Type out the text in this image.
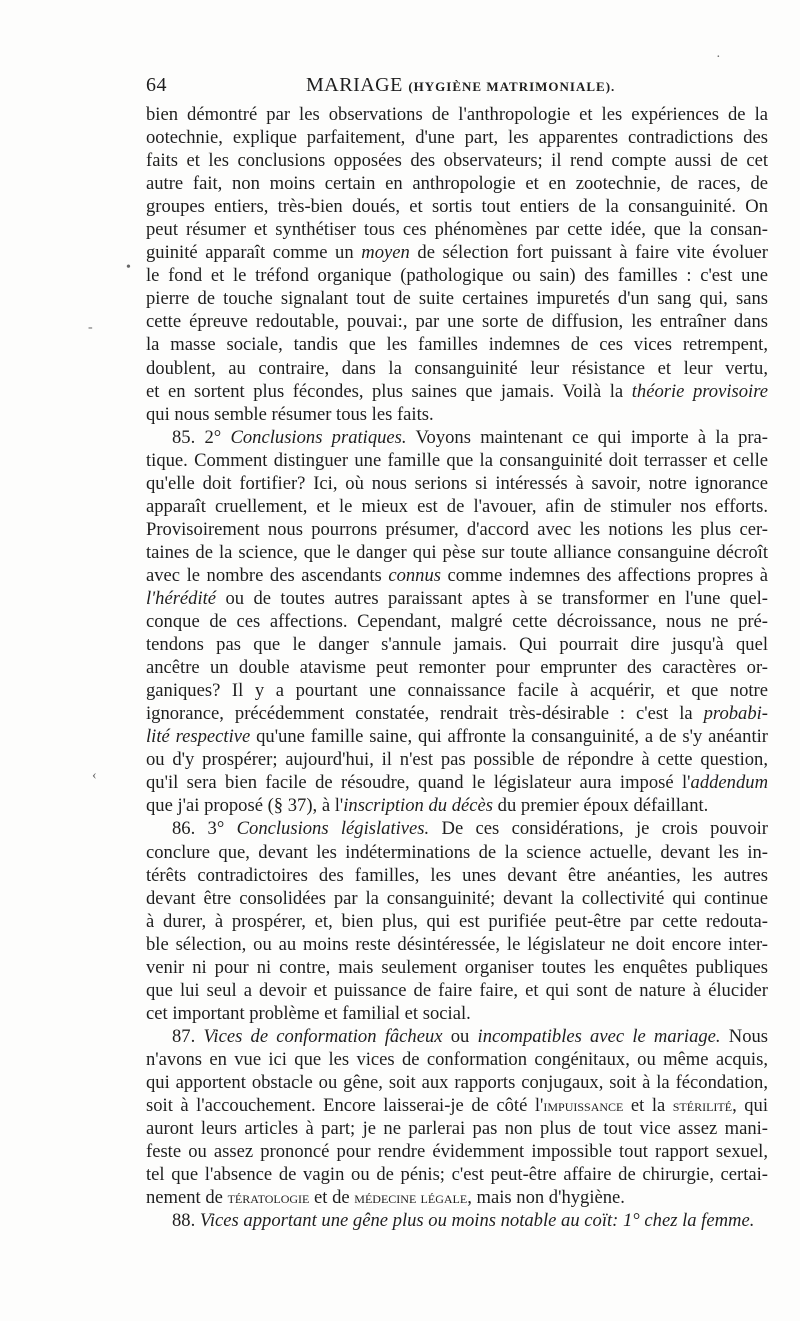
64	MARIAGE (HYGIÈNE MATRIMONIALE).
bien démontré par les observations de l'anthropologie et les expériences de la
ootechnie, explique parfaitement, d'une part, les apparentes contradictions des
faits et les conclusions opposées des observateurs; il rend compte aussi de cet
autre fait, non moins certain en anthropologie et en zootechnie, de races, de
groupes entiers, très-bien doués, et sortis tout entiers de la consanguinité. On
peut résumer et synthétiser tous ces phénomènes par cette idée, que la consan-
guinité apparaît comme un moyen de sélection fort puissant à faire vite évoluer
le fond et le tréfond organique (pathologique ou sain) des familles : c'est une
pierre de touche signalant tout de suite certaines impuretés d'un sang qui, sans
cette épreuve redoutable, pouvai:, par une sorte de diffusion, les entraîner dans
la masse sociale, tandis que les familles indemnes de ces vices retrempent,
doublent, au contraire, dans la consanguinité leur résistance et leur vertu,
et en sortent plus fécondes, plus saines que jamais. Voilà la théorie provisoire
qui nous semble résumer tous les faits.
85. 2° Conclusions pratiques. Voyons maintenant ce qui importe à la pra-
tique. Comment distinguer une famille que la consanguinité doit terrasser et celle
qu'elle doit fortifier? Ici, où nous serions si intéressés à savoir, notre ignorance
apparaît cruellement, et le mieux est de l'avouer, afin de stimuler nos efforts.
Provisoirement nous pourrons présumer, d'accord avec les notions les plus cer-
taines de la science, que le danger qui pèse sur toute alliance consanguine décroît
avec le nombre des ascendants connus comme indemnes des affections propres à
l'hérédité ou de toutes autres paraissant aptes à se transformer en l'une quel-
conque de ces affections. Cependant, malgré cette décroissance, nous ne pré-
tendons pas que le danger s'annule jamais. Qui pourrait dire jusqu'à quel
ancêtre un double atavisme peut remonter pour emprunter des caractères or-
ganiques? Il y a pourtant une connaissance facile à acquérir, et que notre
ignorance, précédemment constatée, rendrait très-désirable : c'est la probabi-
lité respective qu'une famille saine, qui affronte la consanguinité, a de s'y anéantir
ou d'y prospérer; aujourd'hui, il n'est pas possible de répondre à cette question,
qu'il sera bien facile de résoudre, quand le législateur aura imposé l'addendum
que j'ai proposé (§ 37), à l'inscription du décès du premier époux défaillant.
86. 3° Conclusions législatives. De ces considérations, je crois pouvoir
conclure que, devant les indéterminations de la science actuelle, devant les in-
térêts contradictoires des familles, les unes devant être anéanties, les autres
devant être consolidées par la consanguinité; devant la collectivité qui continue
à durer, à prospérer, et, bien plus, qui est purifiée peut-être par cette redouta-
ble sélection, ou au moins reste désintéressée, le législateur ne doit encore inter-
venir ni pour ni contre, mais seulement organiser toutes les enquêtes publiques
que lui seul a devoir et puissance de faire faire, et qui sont de nature à élucider
cet important problème et familial et social.
87. Vices de conformation fâcheux ou incompatibles avec le mariage. Nous
n'avons en vue ici que les vices de conformation congénitaux, ou même acquis,
qui apportent obstacle ou gêne, soit aux rapports conjugaux, soit à la fécondation,
soit à l'accouchement. Encore laisserai-je de côté l'impuissance et la stérilité, qui
auront leurs articles à part; je ne parlerai pas non plus de tout vice assez mani-
feste ou assez prononcé pour rendre évidemment impossible tout rapport sexuel,
tel que l'absence de vagin ou de pénis; c'est peut-être affaire de chirurgie, certai-
nement de tératologie et de médecine légale, mais non d'hygiène.
88. Vices apportant une gêne plus ou moins notable au coït: 1° chez la femme.
•
-
‹
·
